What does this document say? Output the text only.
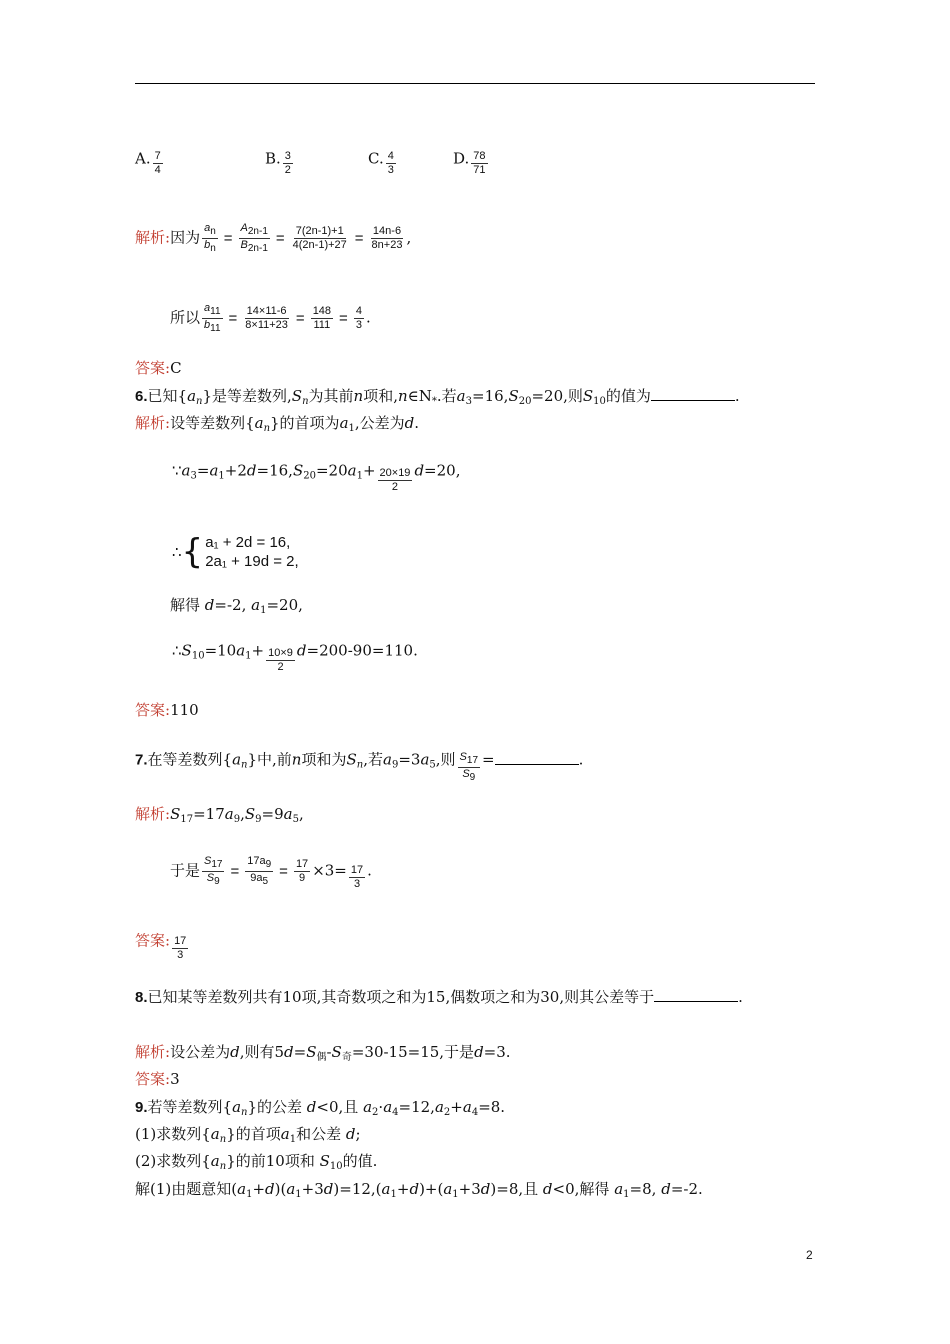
A. $\frac{7}{4}$	B. $\frac{3}{2}$	C. $\frac{4}{3}$	D. $\frac{78}{71}$
解析:因为 $\frac{an}{bn} = \frac{A2n-1}{B2n-1} = \frac{7(2n-1)+1}{4(2n-1)+27} = \frac{14n-6}{8n+23}$ ,
所以 $\frac{a11}{b11} = \frac{14\times 11-6}{8\times 11+23} = \frac{148}{111} = \frac{4}{3}$ .
答案:C
6.已知$\{a_n\}$是等差数列$,S_n$为其前n项和$,n\in N_*$.若$a_3=16,S_{20}=20$,则$S_{10}$的值为	.
解析:设等差数列$\{a_n\}$的首项为$a_1$,公差为d.
$\because a_3=a_1+2d=16,S_{20}=20a_1+ \frac{20\times 19}{2} d=20$,
∴ { a₁ + 2d = 16,
2a₁ + 19d = 2,
解得 d=-2, $a_1=20$,
$\therefore S_{10}=10a_1+ \frac{10\times 9}{2} d=200-90=110$.
答案:110
7.在等差数列$\{a_n\}$中,前n项和为$S_n$,若$a_9=3a_5$,则 $\frac{S17}{S9}$ =	.
解析$:S_{17}=17a_9,S_9=9a_5$,
于是 $\frac{S17}{S9} = \frac{17a9}{9a5} = \frac{17}{9} \times 3= \frac{17}{3}$ .
答案: $\frac{17}{3}$
8.已知某等差数列共有10项,其奇数项之和为15,偶数项之和为30,则其公差等于	.
解析:设公差为d,则有$5d=S_偶-S_奇=30-15=15$,于是d=3.
答案:3
9.若等差数列$\{a_n\}$的公差 d<0,且 $a_2\cdot a_4=12,a_2+a_4=8$.
(1)求数列$\{a_n\}$的首项$a_1$和公差 d;
(2)求数列$\{a_n\}$的前10项和 $S_{10}$的值.
解(1)由题意知$(a_1+d)(a_1+3d)=12,(a_1+d)+(a_1+3d)=8$,且 d<0,解得 $a_1=8$, d=-2.
2
